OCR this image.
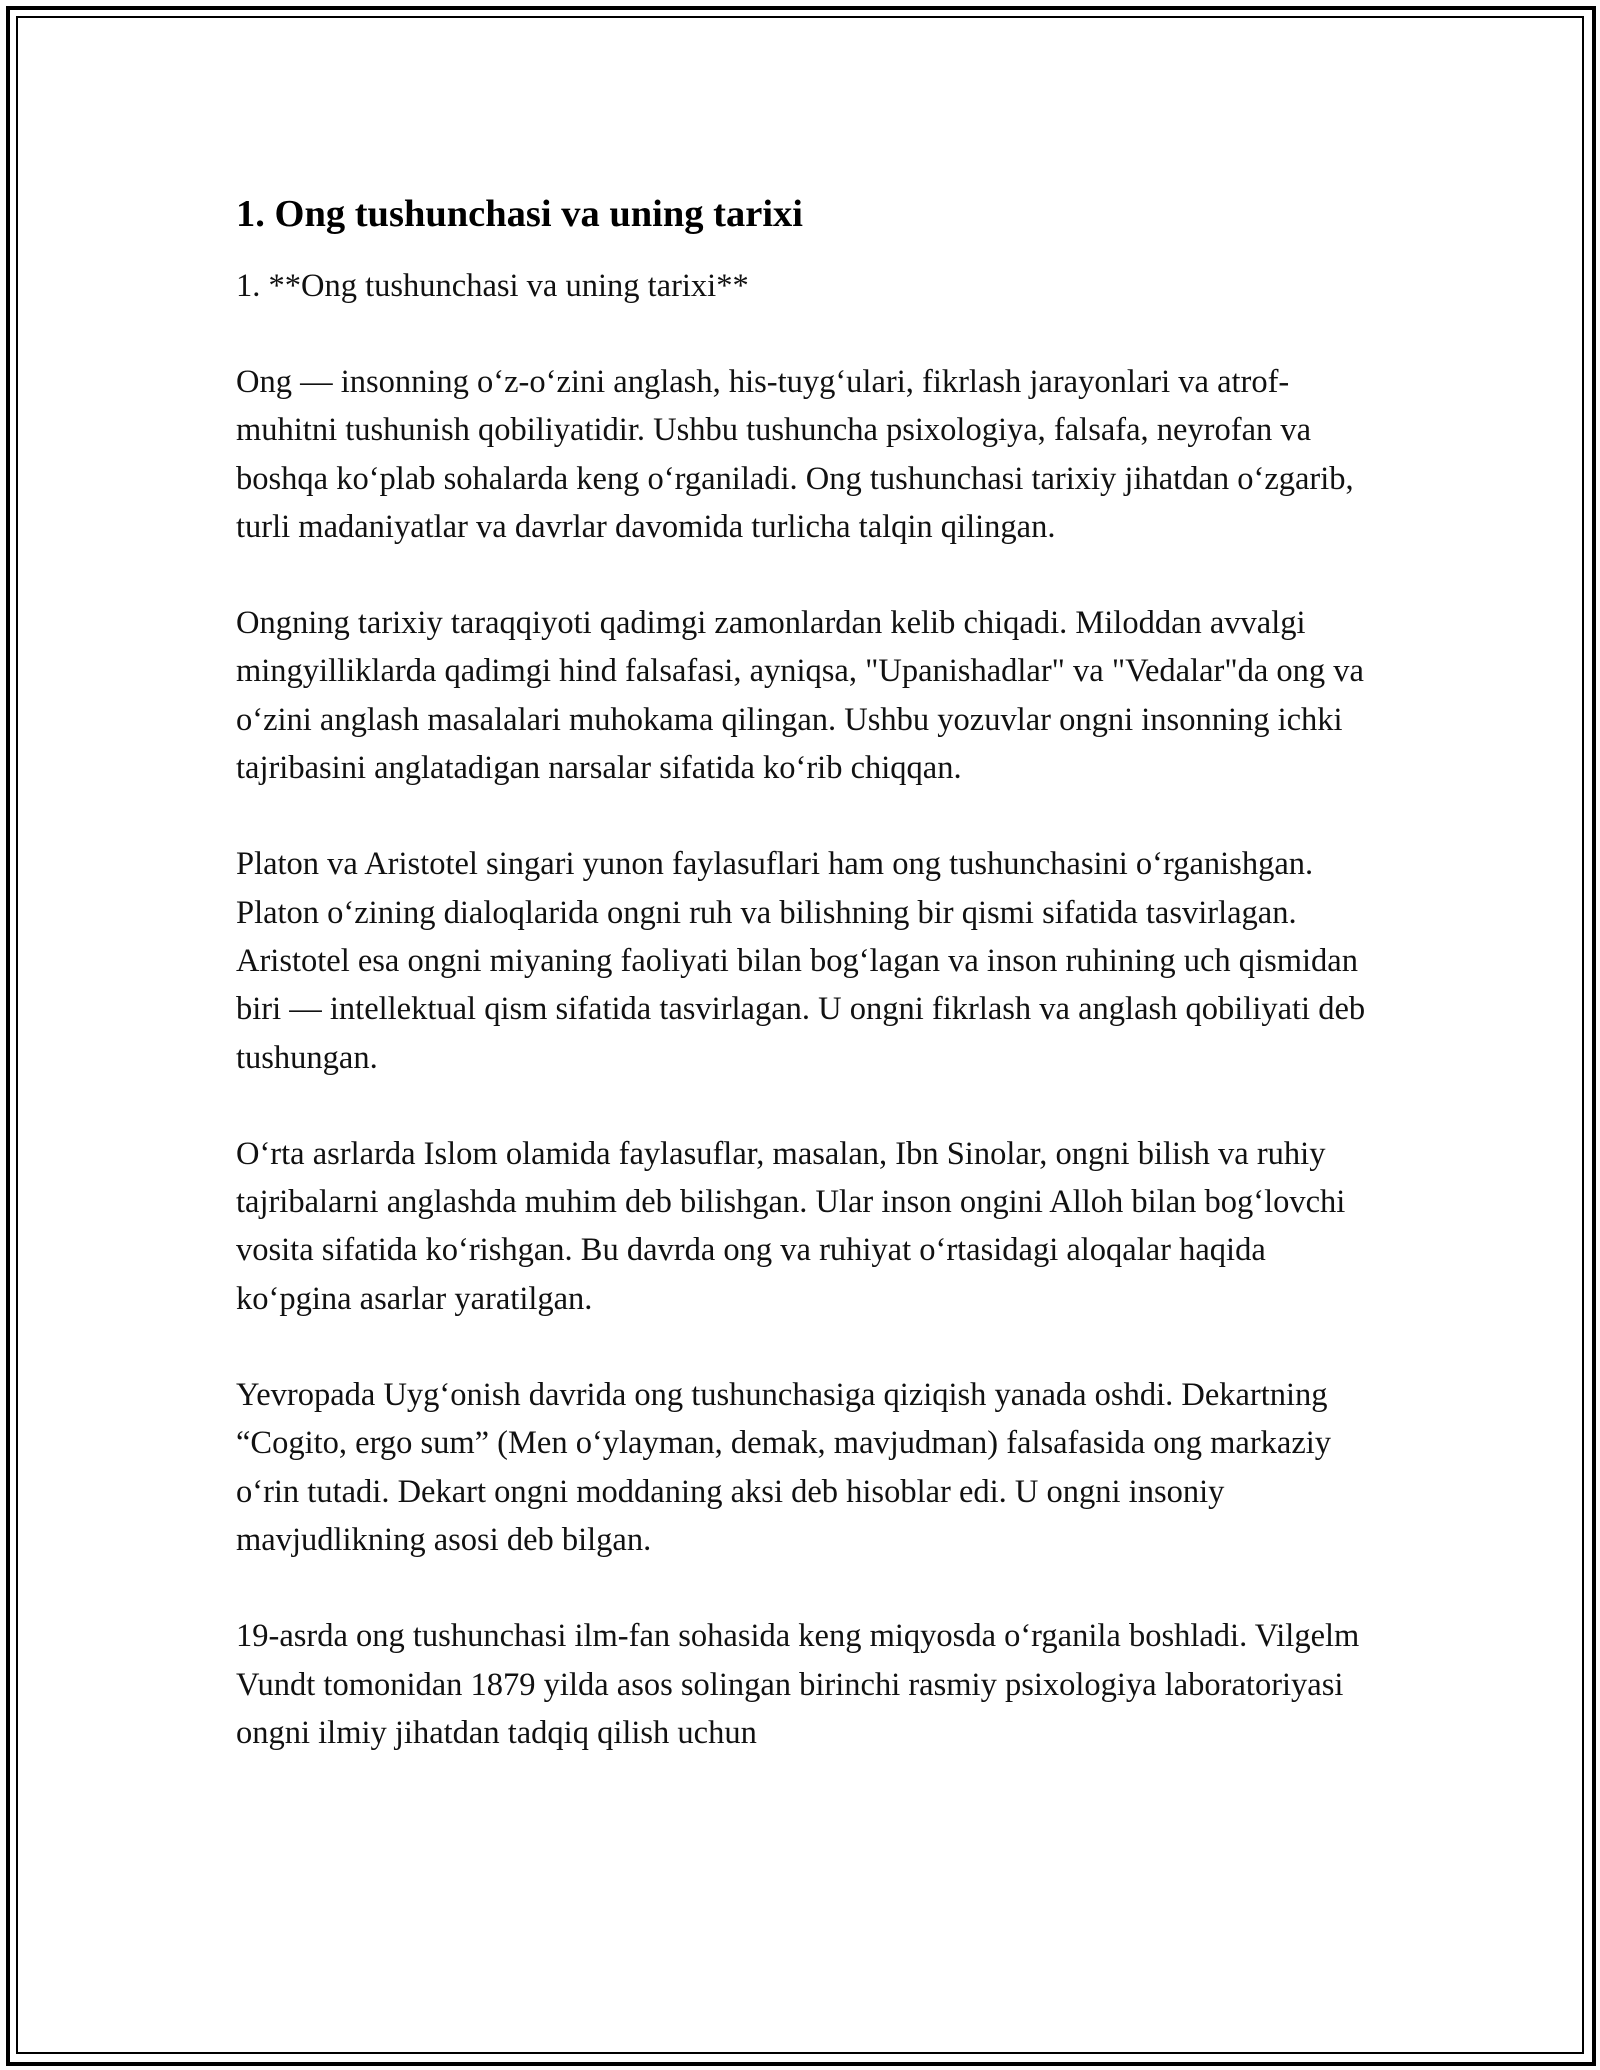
1. Ong tushunchasi va uning tarixi

1. **Ong tushunchasi va uning tarixi**

Ong — insonning oʻz-oʻzini anglash, his-tuygʻulari, fikrlash jarayonlari va atrof-muhitni tushunish qobiliyatidir. Ushbu tushuncha psixologiya, falsafa, neyrofan va boshqa koʻplab sohalarda keng oʻrganiladi. Ong tushunchasi tarixiy jihatdan oʻzgarib, turli madaniyatlar va davrlar davomida turlicha talqin qilingan.

Ongning tarixiy taraqqiyoti qadimgi zamonlardan kelib chiqadi. Miloddan avvalgi mingyilliklarda qadimgi hind falsafasi, ayniqsa, "Upanishadlar" va "Vedalar"da ong va oʻzini anglash masalalari muhokama qilingan. Ushbu yozuvlar ongni insonning ichki tajribasini anglatadigan narsalar sifatida koʻrib chiqqan.

Platon va Aristotel singari yunon faylasuflari ham ong tushunchasini oʻrganishgan. Platon oʻzining dialoqlarida ongni ruh va bilishning bir qismi sifatida tasvirlagan. Aristotel esa ongni miyaning faoliyati bilan bogʻlagan va inson ruhining uch qismidan biri — intellektual qism sifatida tasvirlagan. U ongni fikrlash va anglash qobiliyati deb tushungan.

Oʻrta asrlarda Islom olamida faylasuflar, masalan, Ibn Sinolar, ongni bilish va ruhiy tajribalarni anglashda muhim deb bilishgan. Ular inson ongini Alloh bilan bogʻlovchi vosita sifatida koʻrishgan. Bu davrda ong va ruhiyat oʻrtasidagi aloqalar haqida koʻpgina asarlar yaratilgan.

Yevropada Uygʻonish davrida ong tushunchasiga qiziqish yanada oshdi. Dekartning “Cogito, ergo sum” (Men oʻylayman, demak, mavjudman) falsafasida ong markaziy oʻrin tutadi. Dekart ongni moddaning aksi deb hisoblar edi. U ongni insoniy mavjudlikning asosi deb bilgan.

19-asrda ong tushunchasi ilm-fan sohasida keng miqyosda oʻrganila boshladi. Vilgelm Vundt tomonidan 1879 yilda asos solingan birinchi rasmiy psixologiya laboratoriyasi ongni ilmiy jihatdan tadqiq qilish uchun
